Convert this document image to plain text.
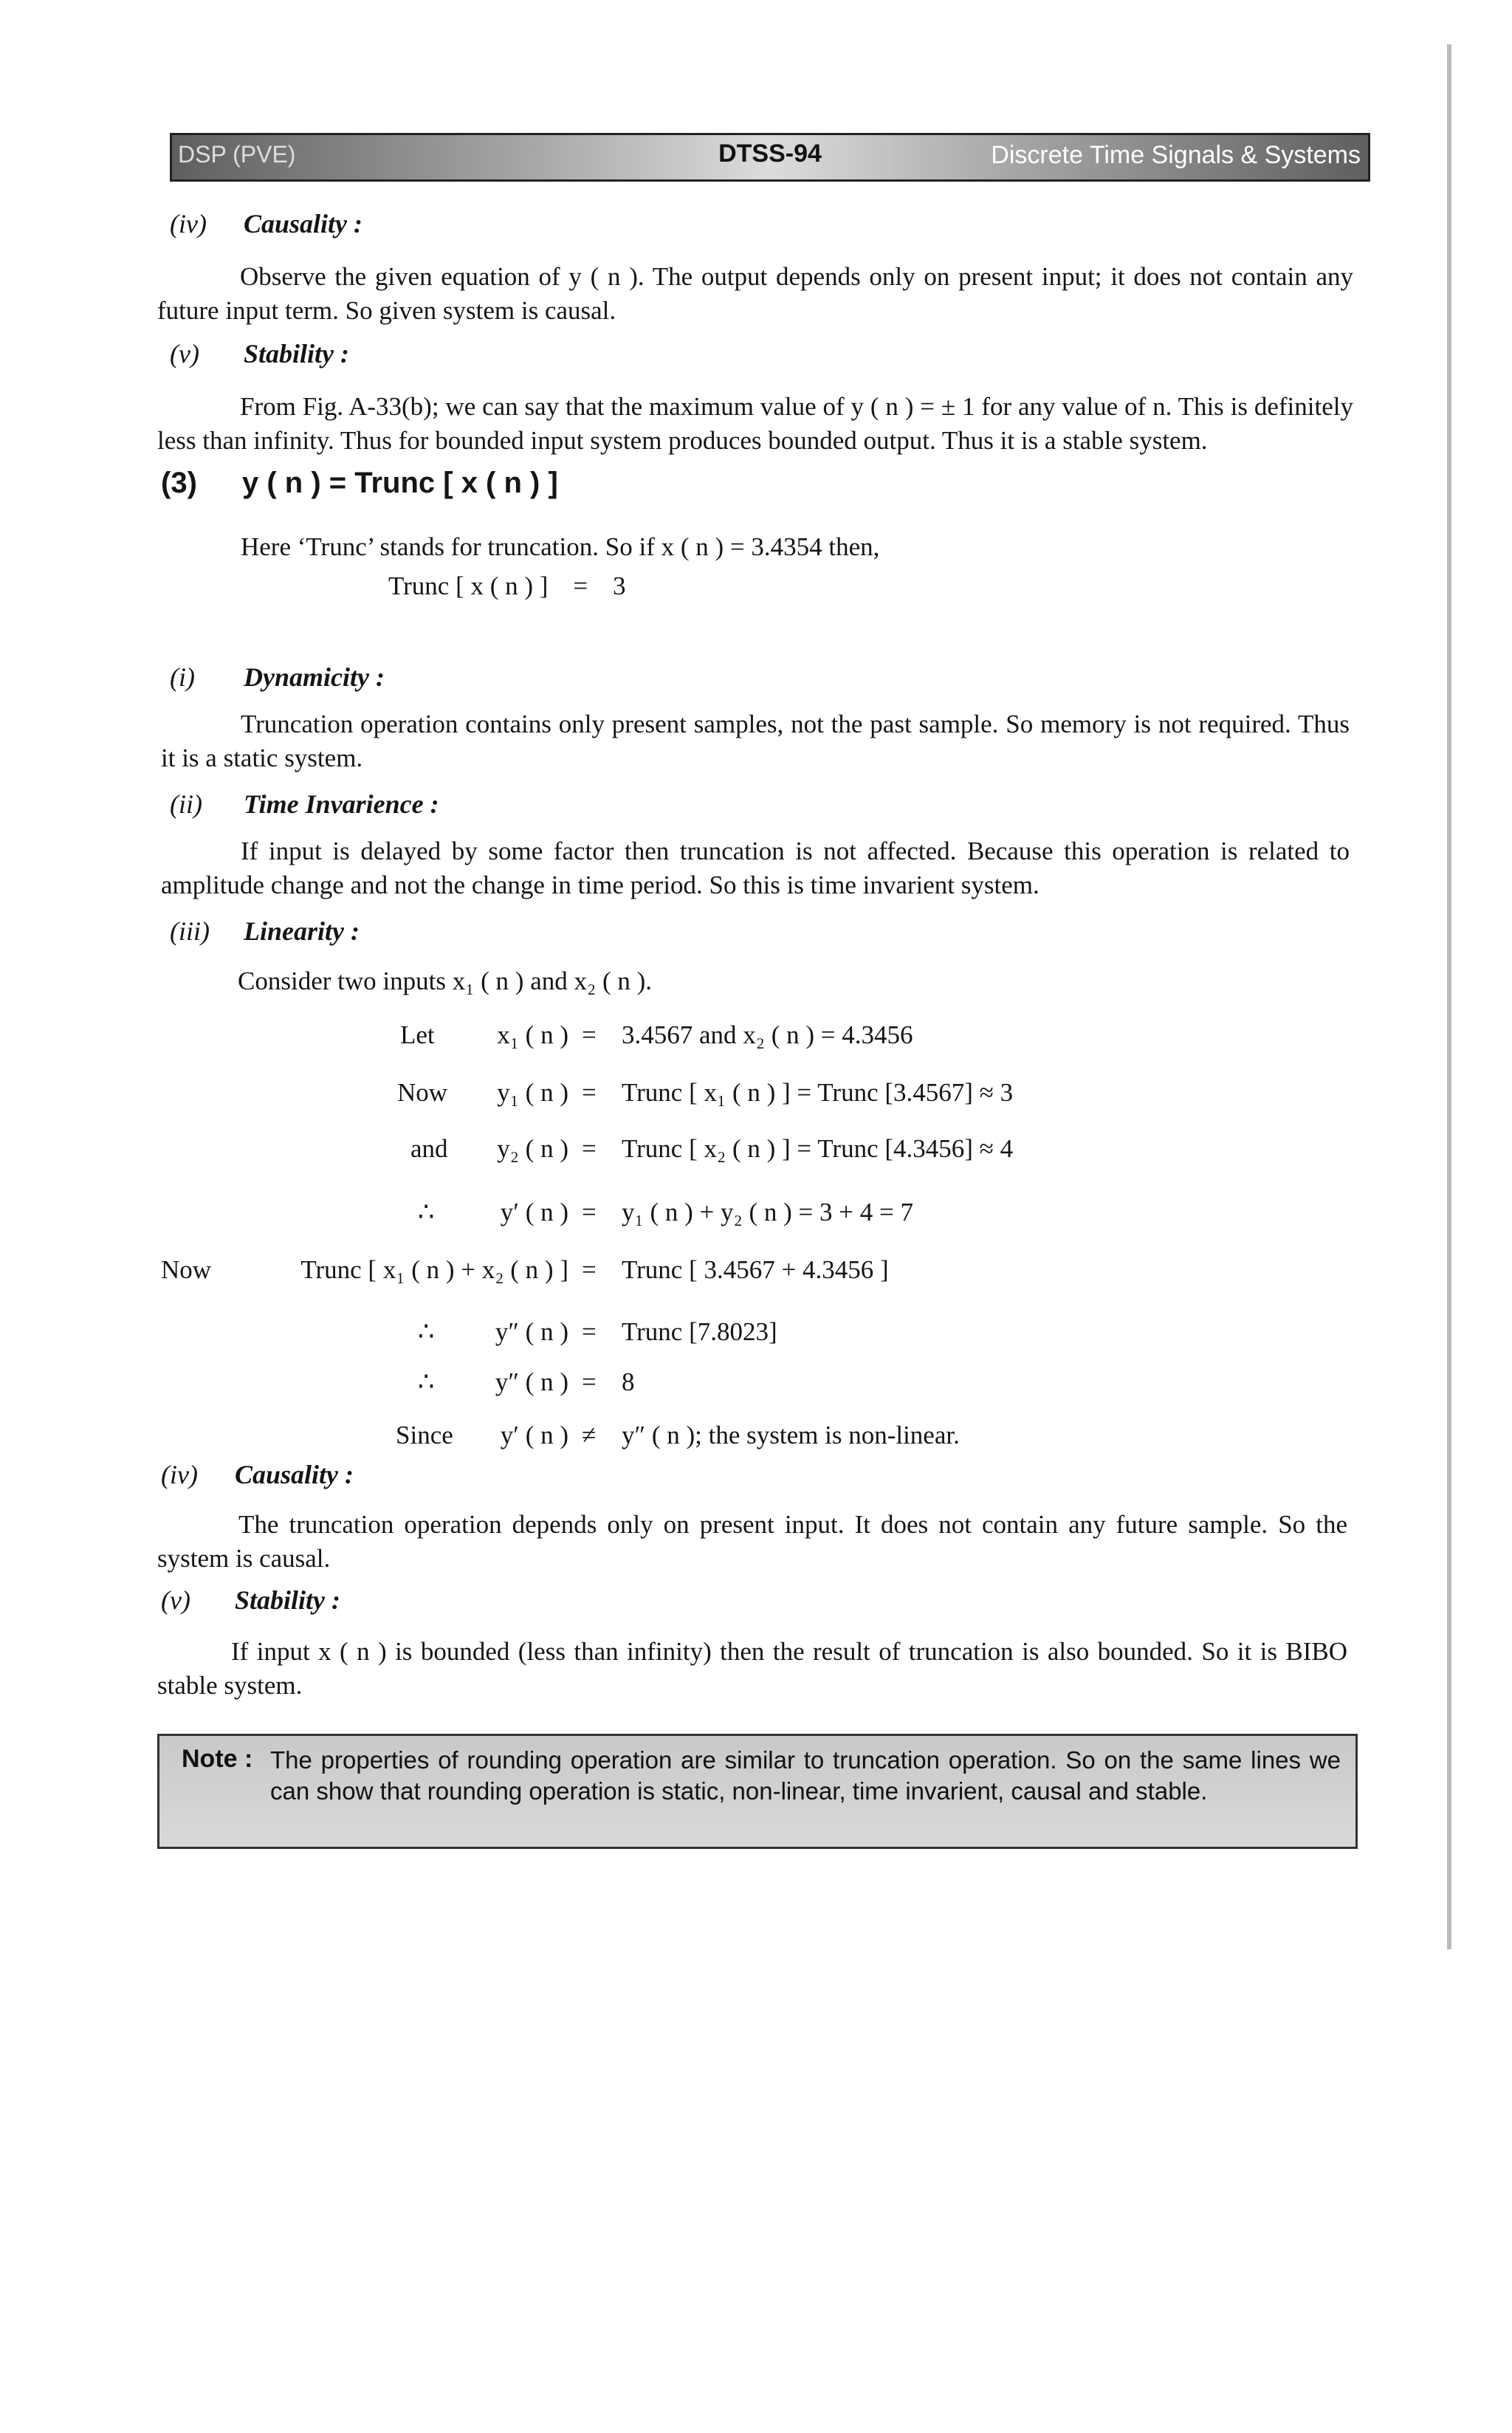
DSP (PVE)	DTSS-94	Discrete Time Signals & Systems
(iv) Causality :
Observe the given equation of y ( n ). The output depends only on present input; it does not contain any future input term. So given system is causal.
(v) Stability :
From Fig. A-33(b); we can say that the maximum value of y ( n ) = ± 1 for any value of n. This is definitely less than infinity. Thus for bounded input system produces bounded output. Thus it is a stable system.
(3) y ( n ) = Trunc [ x ( n ) ]
Here ‘Trunc’ stands for truncation. So if x ( n ) = 3.4354 then,
Trunc [ x ( n ) ] = 3
(i) Dynamicity :
Truncation operation contains only present samples, not the past sample. So memory is not required. Thus it is a static system.
(ii) Time Invarience :
If input is delayed by some factor then truncation is not affected. Because this operation is related to amplitude change and not the change in time period. So this is time invarient system.
(iii) Linearity :
Consider two inputs x₁ ( n ) and x₂ ( n ).
Let	x₁ ( n ) = 3.4567 and x₂ ( n ) = 4.3456
Now	y₁ ( n ) = Trunc [ x₁ ( n ) ] = Trunc [3.4567] ≈ 3
and	y₂ ( n ) = Trunc [ x₂ ( n ) ] = Trunc [4.3456] ≈ 4
∴	y′ ( n ) = y₁ ( n ) + y₂ ( n ) = 3 + 4 = 7
Now	Trunc [ x₁ ( n ) + x₂ ( n ) ] = Trunc [ 3.4567 + 4.3456 ]
∴	y″ ( n ) = Trunc [7.8023]
∴	y″ ( n ) = 8
Since	y′ ( n ) ≠ y″ ( n ); the system is non-linear.
(iv) Causality :
The truncation operation depends only on present input. It does not contain any future sample. So the system is causal.
(v) Stability :
If input x ( n ) is bounded (less than infinity) then the result of truncation is also bounded. So it is BIBO stable system.
Note : The properties of rounding operation are similar to truncation operation. So on the same lines we can show that rounding operation is static, non-linear, time invarient, causal and stable.
